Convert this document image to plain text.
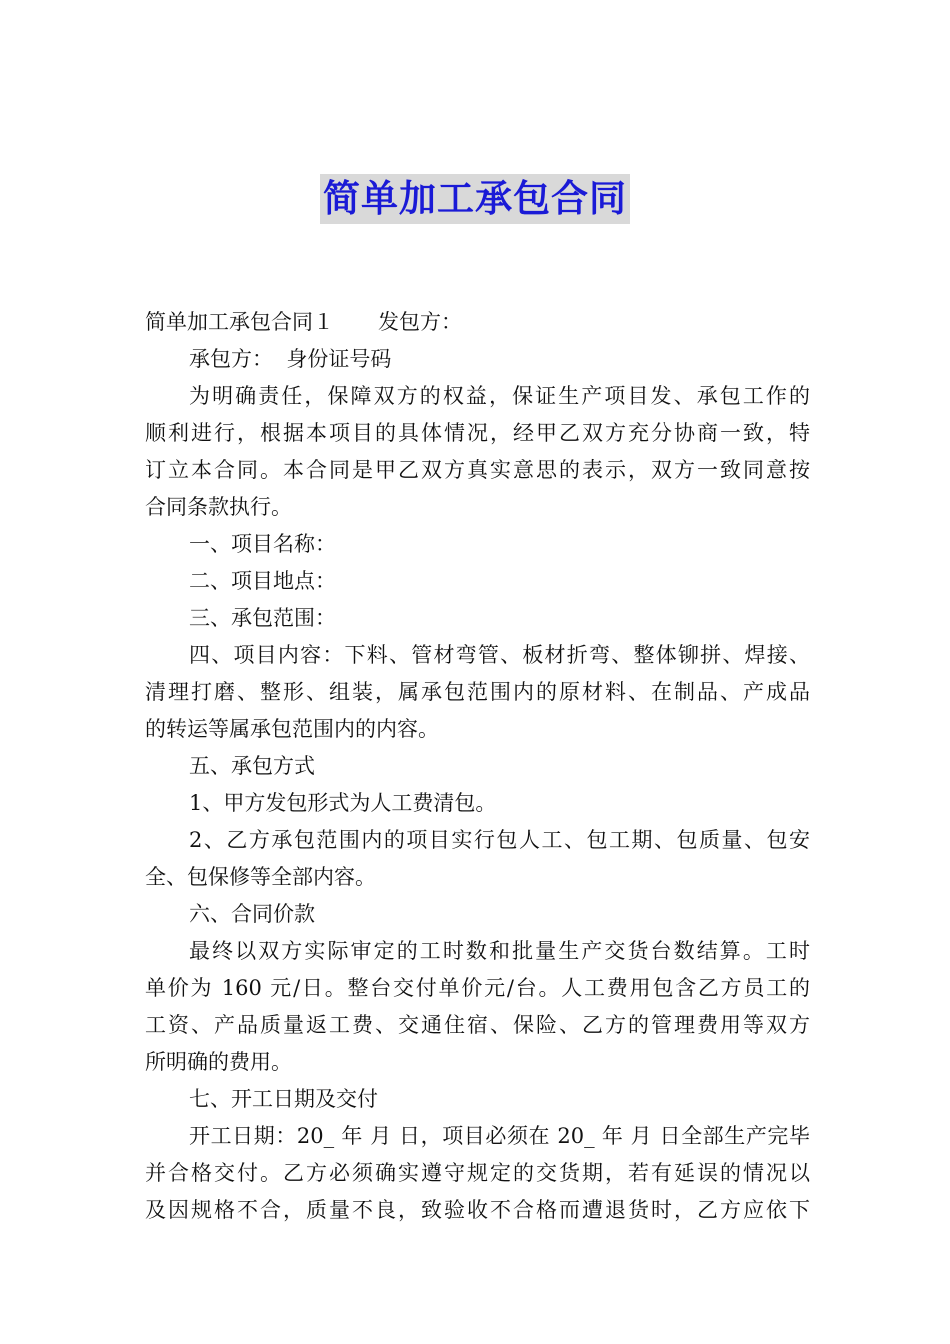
简单加工承包合同

简单加工承包合同１ 发包方：

承包方：  身份证号码

为明确责任，保障双方的权益，保证生产项目发、承包工作的

顺利进行，根据本项目的具体情况，经甲乙双方充分协商一致，特

订立本合同。本合同是甲乙双方真实意思的表示，双方一致同意按

合同条款执行。

一、项目名称：

二、项目地点：

三、承包范围：

四、项目内容：下料、管材弯管、板材折弯、整体铆拼、焊接、

清理打磨、整形、组装，属承包范围内的原材料、在制品、产成品

的转运等属承包范围内的内容。

五、承包方式

1、甲方发包形式为人工费清包。

2、乙方承包范围内的项目实行包人工、包工期、包质量、包安

全、包保修等全部内容。

六、合同价款

最终以双方实际审定的工时数和批量生产交货台数结算。工时

单价为 160 元/日。整台交付单价元/台。人工费用包含乙方员工的

工资、产品质量返工费、交通住宿、保险、乙方的管理费用等双方

所明确的费用。

七、开工日期及交付

开工日期：20_ 年 月 日，项目必须在 20_ 年 月 日全部生产完毕

并合格交付。乙方必须确实遵守规定的交货期，若有延误的情况以

及因规格不合，质量不良，致验收不合格而遭退货时，乙方应依下
